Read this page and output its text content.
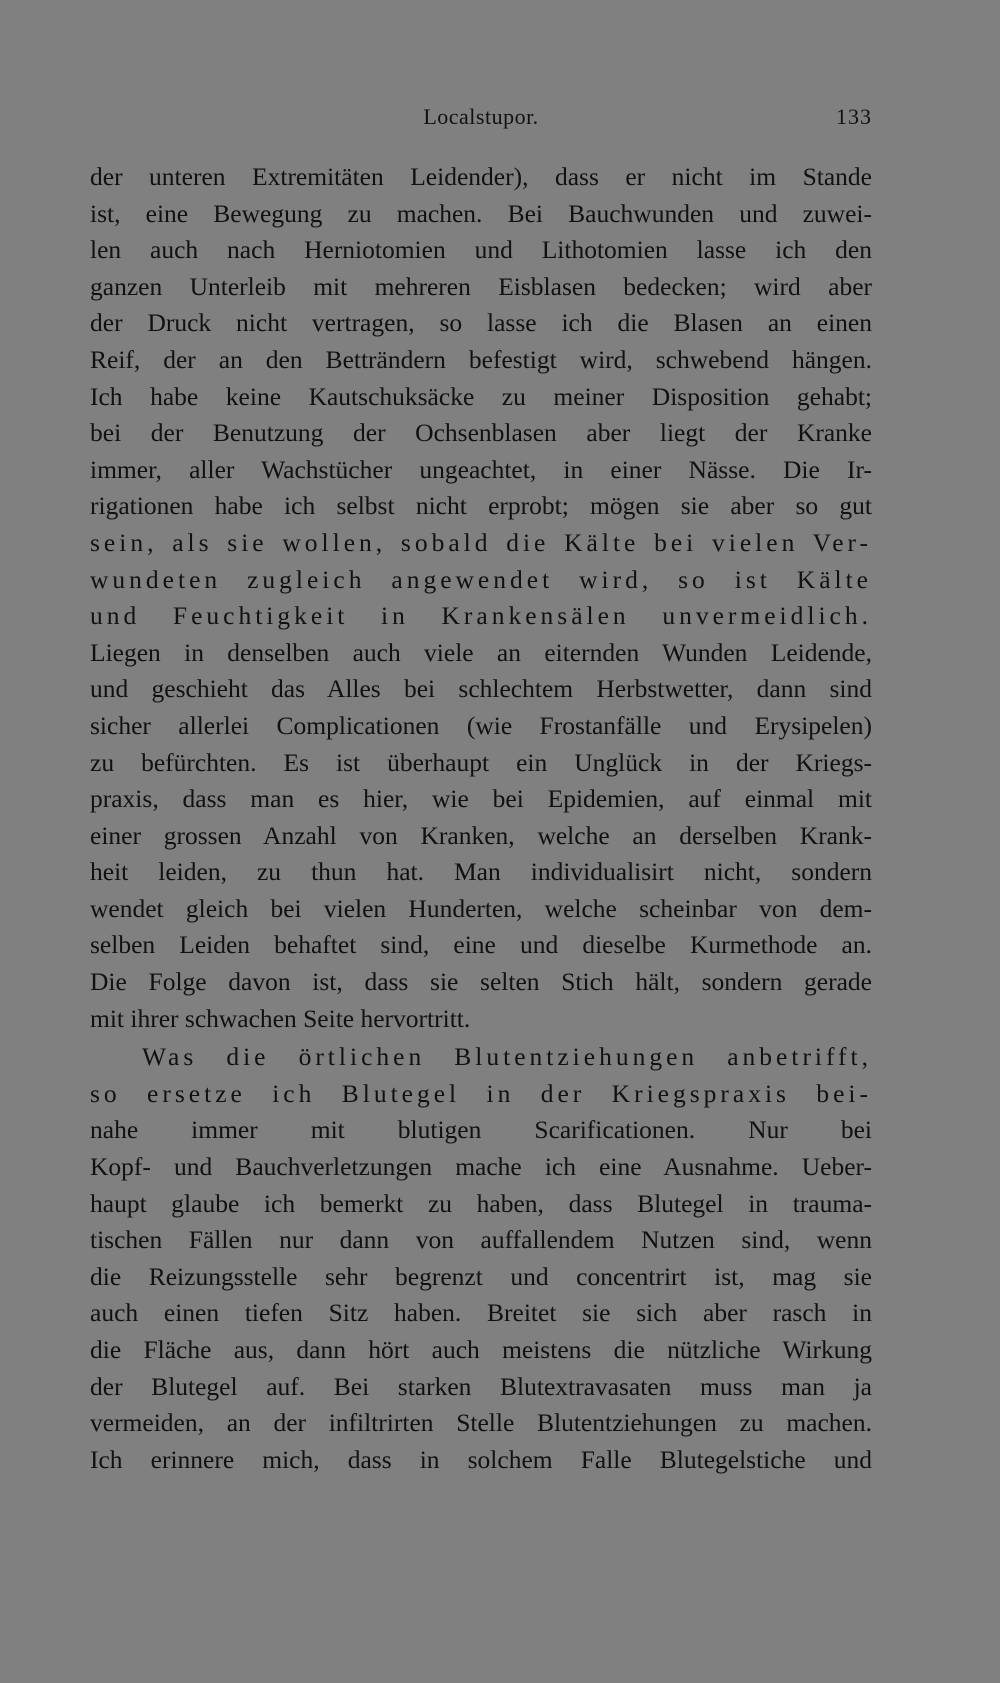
Localstupor.	133
der unteren Extremitäten Leidender), dass er nicht im Stande
ist, eine Bewegung zu machen. Bei Bauchwunden und zuwei-
len auch nach Herniotomien und Lithotomien lasse ich den
ganzen Unterleib mit mehreren Eisblasen bedecken; wird aber
der Druck nicht vertragen, so lasse ich die Blasen an einen
Reif, der an den Betträndern befestigt wird, schwebend hängen.
Ich habe keine Kautschuksäcke zu meiner Disposition gehabt;
bei der Benutzung der Ochsenblasen aber liegt der Kranke
immer, aller Wachstücher ungeachtet, in einer Nässe. Die Ir-
rigationen habe ich selbst nicht erprobt; mögen sie aber so gut
sein, als sie wollen, sobald die Kälte bei vielen Ver-
wundeten zugleich angewendet wird, so ist Kälte
und Feuchtigkeit in Krankensälen unvermeidlich.
Liegen in denselben auch viele an eiternden Wunden Leidende,
und geschieht das Alles bei schlechtem Herbstwetter, dann sind
sicher allerlei Complicationen (wie Frostanfälle und Erysipelen)
zu befürchten. Es ist überhaupt ein Unglück in der Kriegs-
praxis, dass man es hier, wie bei Epidemien, auf einmal mit
einer grossen Anzahl von Kranken, welche an derselben Krank-
heit leiden, zu thun hat. Man individualisirt nicht, sondern
wendet gleich bei vielen Hunderten, welche scheinbar von dem-
selben Leiden behaftet sind, eine und dieselbe Kurmethode an.
Die Folge davon ist, dass sie selten Stich hält, sondern gerade
mit ihrer schwachen Seite hervortritt.
Was die örtlichen Blutentziehungen anbetrifft,
so ersetze ich Blutegel in der Kriegspraxis bei-
nahe immer mit blutigen Scarificationen. Nur bei
Kopf- und Bauchverletzungen mache ich eine Ausnahme. Ueber-
haupt glaube ich bemerkt zu haben, dass Blutegel in trauma-
tischen Fällen nur dann von auffallendem Nutzen sind, wenn
die Reizungsstelle sehr begrenzt und concentrirt ist, mag sie
auch einen tiefen Sitz haben. Breitet sie sich aber rasch in
die Fläche aus, dann hört auch meistens die nützliche Wirkung
der Blutegel auf. Bei starken Blutextravasaten muss man ja
vermeiden, an der infiltrirten Stelle Blutentziehungen zu machen.
Ich erinnere mich, dass in solchem Falle Blutegelstiche und
